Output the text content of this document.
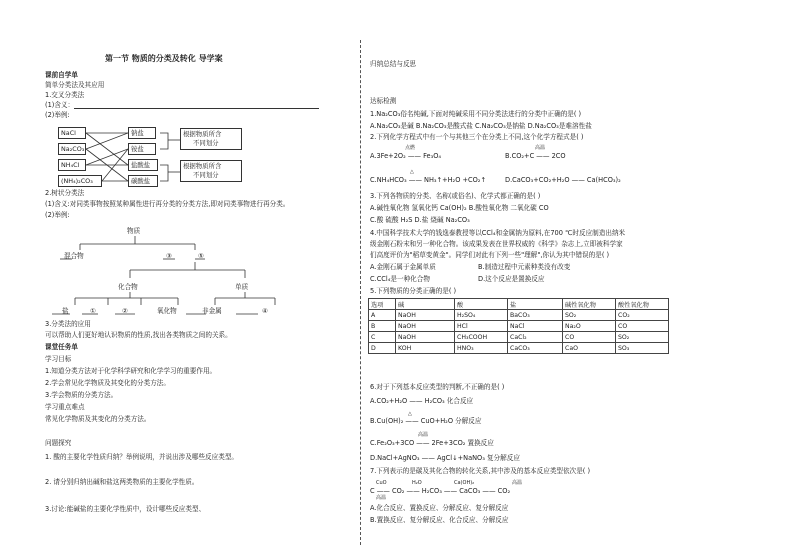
第一节 物质的分类及转化 导学案
课前自学单
简单分类法及其应用
1.交叉分类法
(1)含义：
(2)举例:
NaCl
Na₂CO₃
NH₄Cl
(NH₄)₂CO₃
钠盐
铵盐
盐酸盐
碳酸盐
根据物质所含
不同划分
根据物质所含
不同划分
2.树状分类法
(1)含义:对同类事物按照某种属性进行再分类的分类方法,即对同类事物进行再分类。
(2)举例:
物质
混合物	③	⑤
化合物	单质
盐	①	②	氧化物	非金属	④
3.分类法的应用
可以帮助人们更好地认识物质的性质,找出各类物质之间的关系。
课堂任务单
学习目标
1.知道分类方法对于化学科学研究和化学学习的重要作用。
2.学会常见化学物质及其变化的分类方法。
3.学会物质的分类方法。
学习重点难点
常见化学物质及其变化的分类方法。
问题探究
1. 酸的主要化学性质归纳？举例说明，并说出涉及哪些反应类型。
2. 请分别归纳出碱和盐这两类物质的主要化学性质。
3.讨论:能碱盐的主要化学性质中，设计哪些反应类型、
归纳总结与反思
达标检测
1.Na₂CO₃俗名纯碱,下面对纯碱采用不同分类法进行的分类中正确的是( )
A.Na₂CO₃是碱 B.Na₂CO₃是酸式盐 C.Na₂CO₃是钠盐 D.Na₂CO₃是难溶性盐
2.下列化学方程式中有一个与其他三个在分类上不同,这个化学方程式是( )
点燃
A.3Fe+2O₂ —— Fe₃O₄
高温
B.CO₂+C —— 2CO
△
C.NH₄HCO₃ —— NH₃↑+H₂O +CO₂↑	D.CaCO₃+CO₂+H₂O —— Ca(HCO₃)₂
3.下列各物质的分类、名称(或俗名)、化学式都正确的是( )
A.碱性氧化物 氢氧化钙 Ca(OH)₂ B.酸性氧化物 二氧化碳 CO
C.酸 硫酸 H₂S D.盐 烧碱 Na₂CO₃
4.中国科学技术大学的钱逸泰教授等以CCl₄和金属钠为原料,在700 ℃时反应制造出纳米
级金刚石粉末和另一种化合物。该成果发表在世界权威的《科学》杂志上,立即被科学家
们高度评价为"稻草变黄金"。同学们对此有下列一些"理解",你认为其中错误的是( )
A.金刚石属于金属单质	B.制造过程中元素种类没有改变
C.CCl₄是一种化合物	D.这个反应是置换反应
5.下列物质的分类正确的是( )
选项	碱	酸	盐	碱性氧化物	酸性氧化物
A	NaOH	H₂SO₄	BaCO₃	SO₂	CO₂
B	NaOH	HCl	NaCl	Na₂O	CO
C	NaOH	CH₃COOH	CaCl₂	CO	SO₂
D	KOH	HNO₃	CaCO₃	CaO	SO₃
6.对于下列基本反应类型的判断,不正确的是( )
A.CO₂+H₂O —— H₂CO₃ 化合反应
△
B.Cu(OH)₂ —— CuO+H₂O 分解反应
高温
C.Fe₂O₃+3CO —— 2Fe+3CO₂ 置换反应
D.NaCl+AgNO₃ —— AgCl↓+NaNO₃ 复分解反应
7.下列表示的是碳及其化合物的转化关系,其中涉及的基本反应类型依次是( )
CuO
高温
H₂O	Ca(OH)₂	高温
C —— CO₂ —— H₂CO₃ —— CaCO₃ —— CO₂
A.化合反应、置换反应、分解反应、复分解反应
B.置换反应、复分解反应、化合反应、分解反应
